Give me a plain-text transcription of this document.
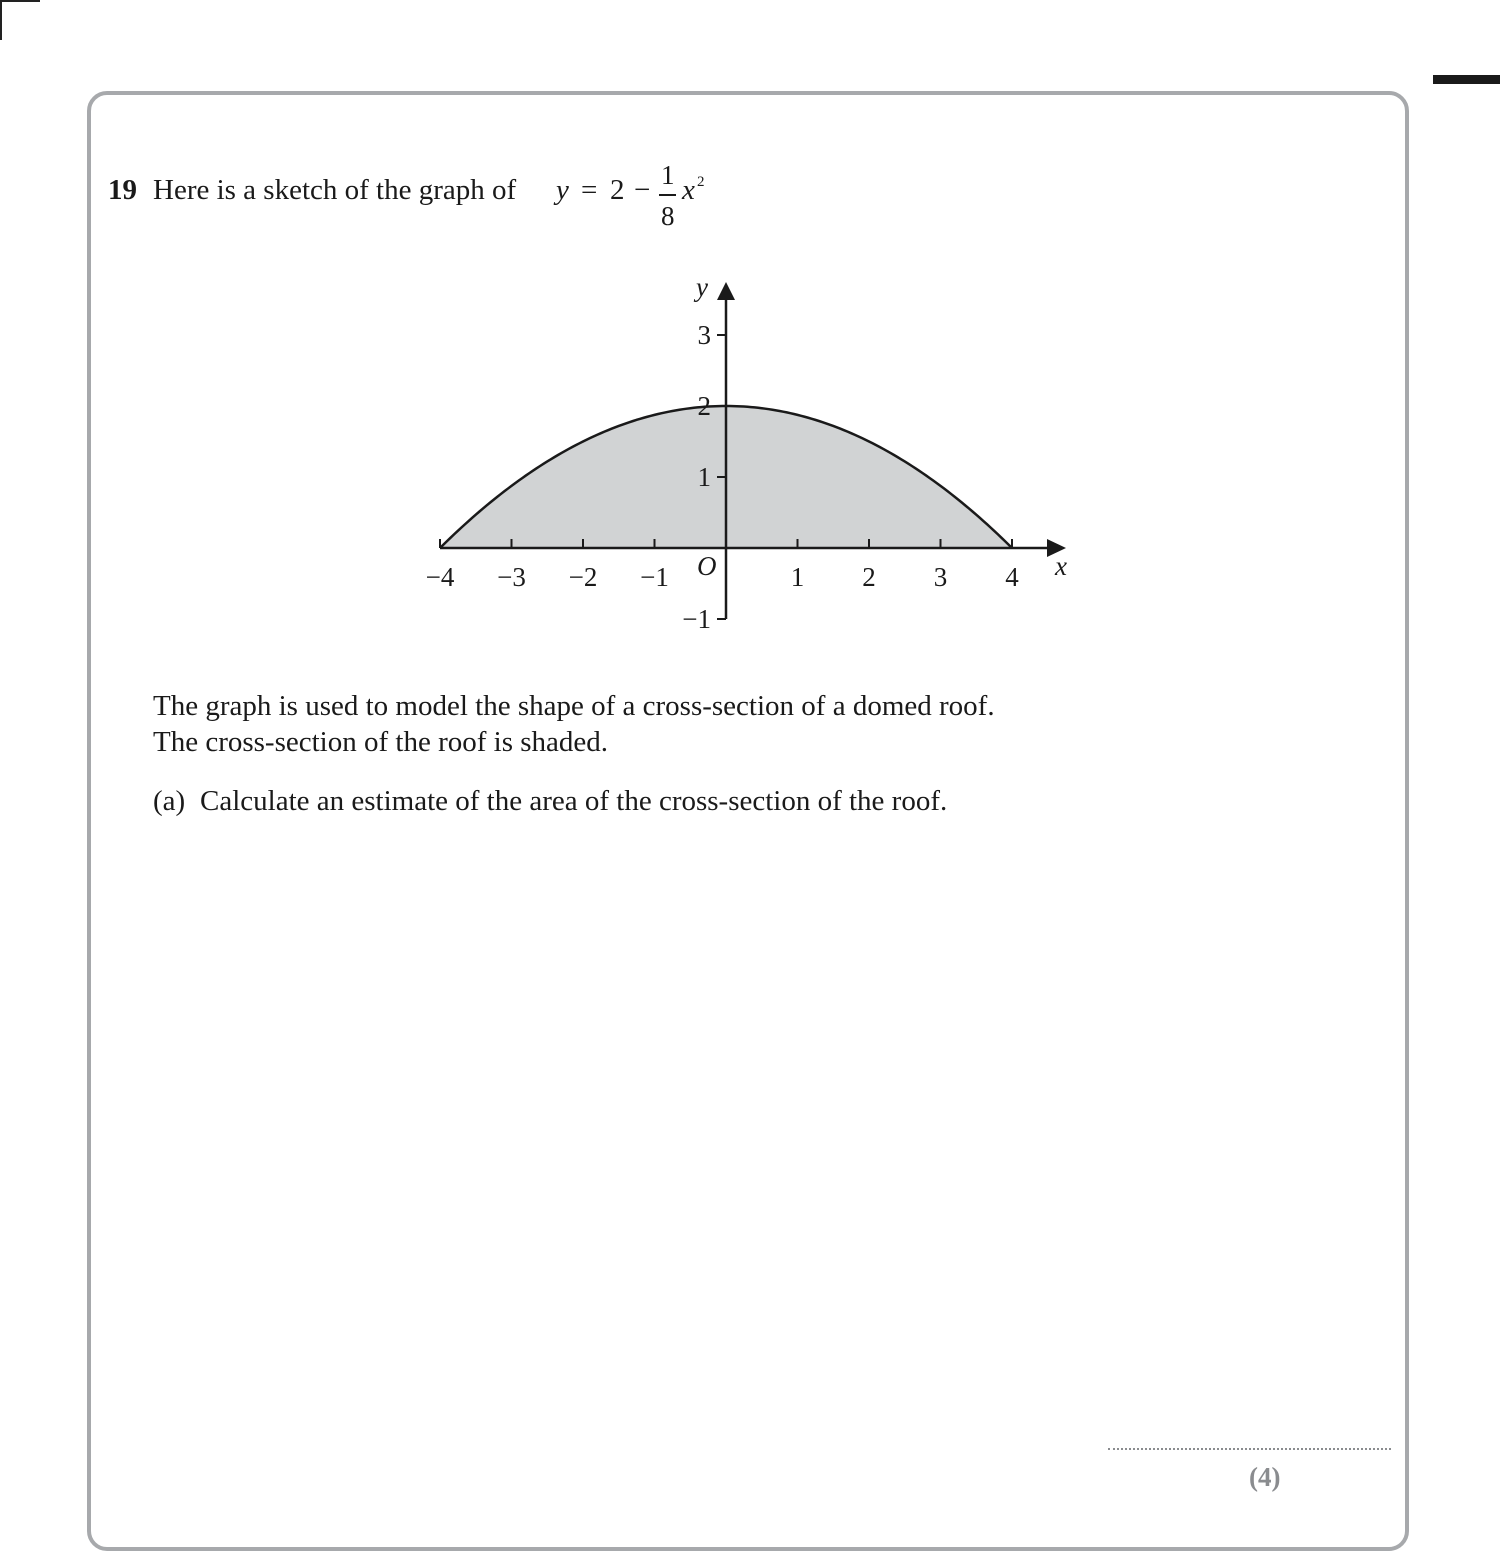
19 Here is a sketch of the graph of y = 2 − 1
8
x 2
−4 −3 −2 −1	1 2 3 4
3
2
1
−1
O	x
y
The graph is used to model the shape of a cross-section of a domed roof.
The cross-section of the roof is shaded.
(a) Calculate an estimate of the area of the cross-section of the roof.
(4)
